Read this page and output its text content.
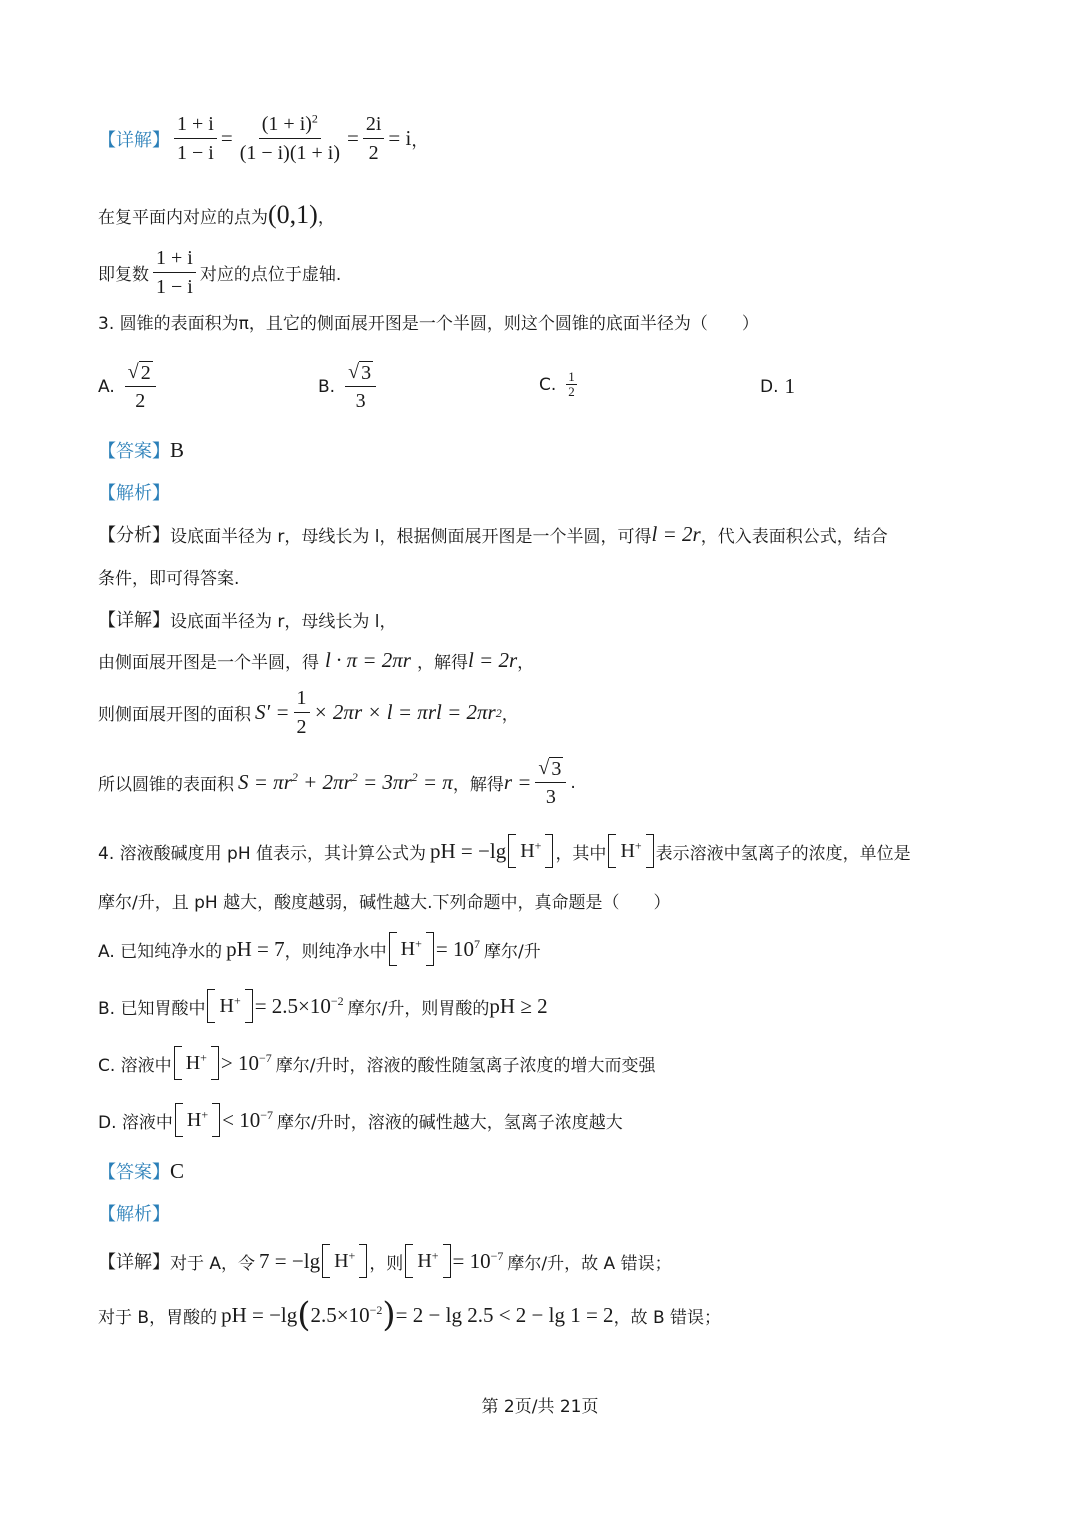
【详解】 $\frac{1 + i}{1 - i} = \frac{(1 + i)^2}{(1 - i)(1 + i)} = \frac{2i}{2} = i$ ，
在复平面内对应的点为 (0,1) ，
即复数 $\frac{1 + i}{1 - i}$ 对应的点位于虚轴.
3. 圆锥的表面积为π，且它的侧面展开图是一个半圆，则这个圆锥的底面半径为（　　）
A. $\frac{√ 2}{2}$	B. $\frac{√ 3}{3}$	C. $\frac{1}{2}$	D. 1
【答案】 B
【解析】
【分析】 设底面半径为 r，母线长为 l，根据侧面展开图是一个半圆，可得 l = 2r ，代入表面积公式，结合
条件，即可得答案.
【详解】 设底面半径为 r，母线长为 l，
由侧面展开图是一个半圆，得 l · π = 2πr ，解得 l = 2r ，
则侧面展开图的面积 $S' = \frac{1}{2} \times 2\pi r \times l = \pi rl = 2\pi r$ 2 ，
所以圆锥的表面积 $S = \pi r^2 + 2\pi r^2 = 3\pi r^2 = \pi$ ，解得 $r = \frac{√ 3}{3}$ .
4. 溶液酸碱度用 pH 值表示，其计算公式为 pH = −lg H+ ，其中 H+ 表示溶液中氢离子的浓度，单位是
摩尔/升，且 pH 越大，酸度越弱，碱性越大.下列命题中，真命题是（　　）
A. 已知纯净水的 pH = 7 ，则纯净水中 $H^+ = 10^7$ 摩尔/升
B. 已知胃酸中 $H^+ = 2.5\times 10^{-2}$ 摩尔/升，则胃酸的 pH ≥ 2
C. 溶液中 $H^+ > 10^{-7}$ 摩尔/升时，溶液的酸性随氢离子浓度的增大而变强
D. 溶液中 $H^+ < 10^{-7}$ 摩尔/升时，溶液的碱性越大，氢离子浓度越大
【答案】 C
【解析】
【详解】 对于 A，令 7 = −lg H+ ，则 $H^+ = 10^{-7}$ 摩尔/升，故 A 错误；
对于 B，胃酸的 pH = −lg ( $2.5\times 10^{-2}$ ) = 2 − lg 2.5 < 2 − lg 1 = 2 ，故 B 错误；
第 2页/共 21页
